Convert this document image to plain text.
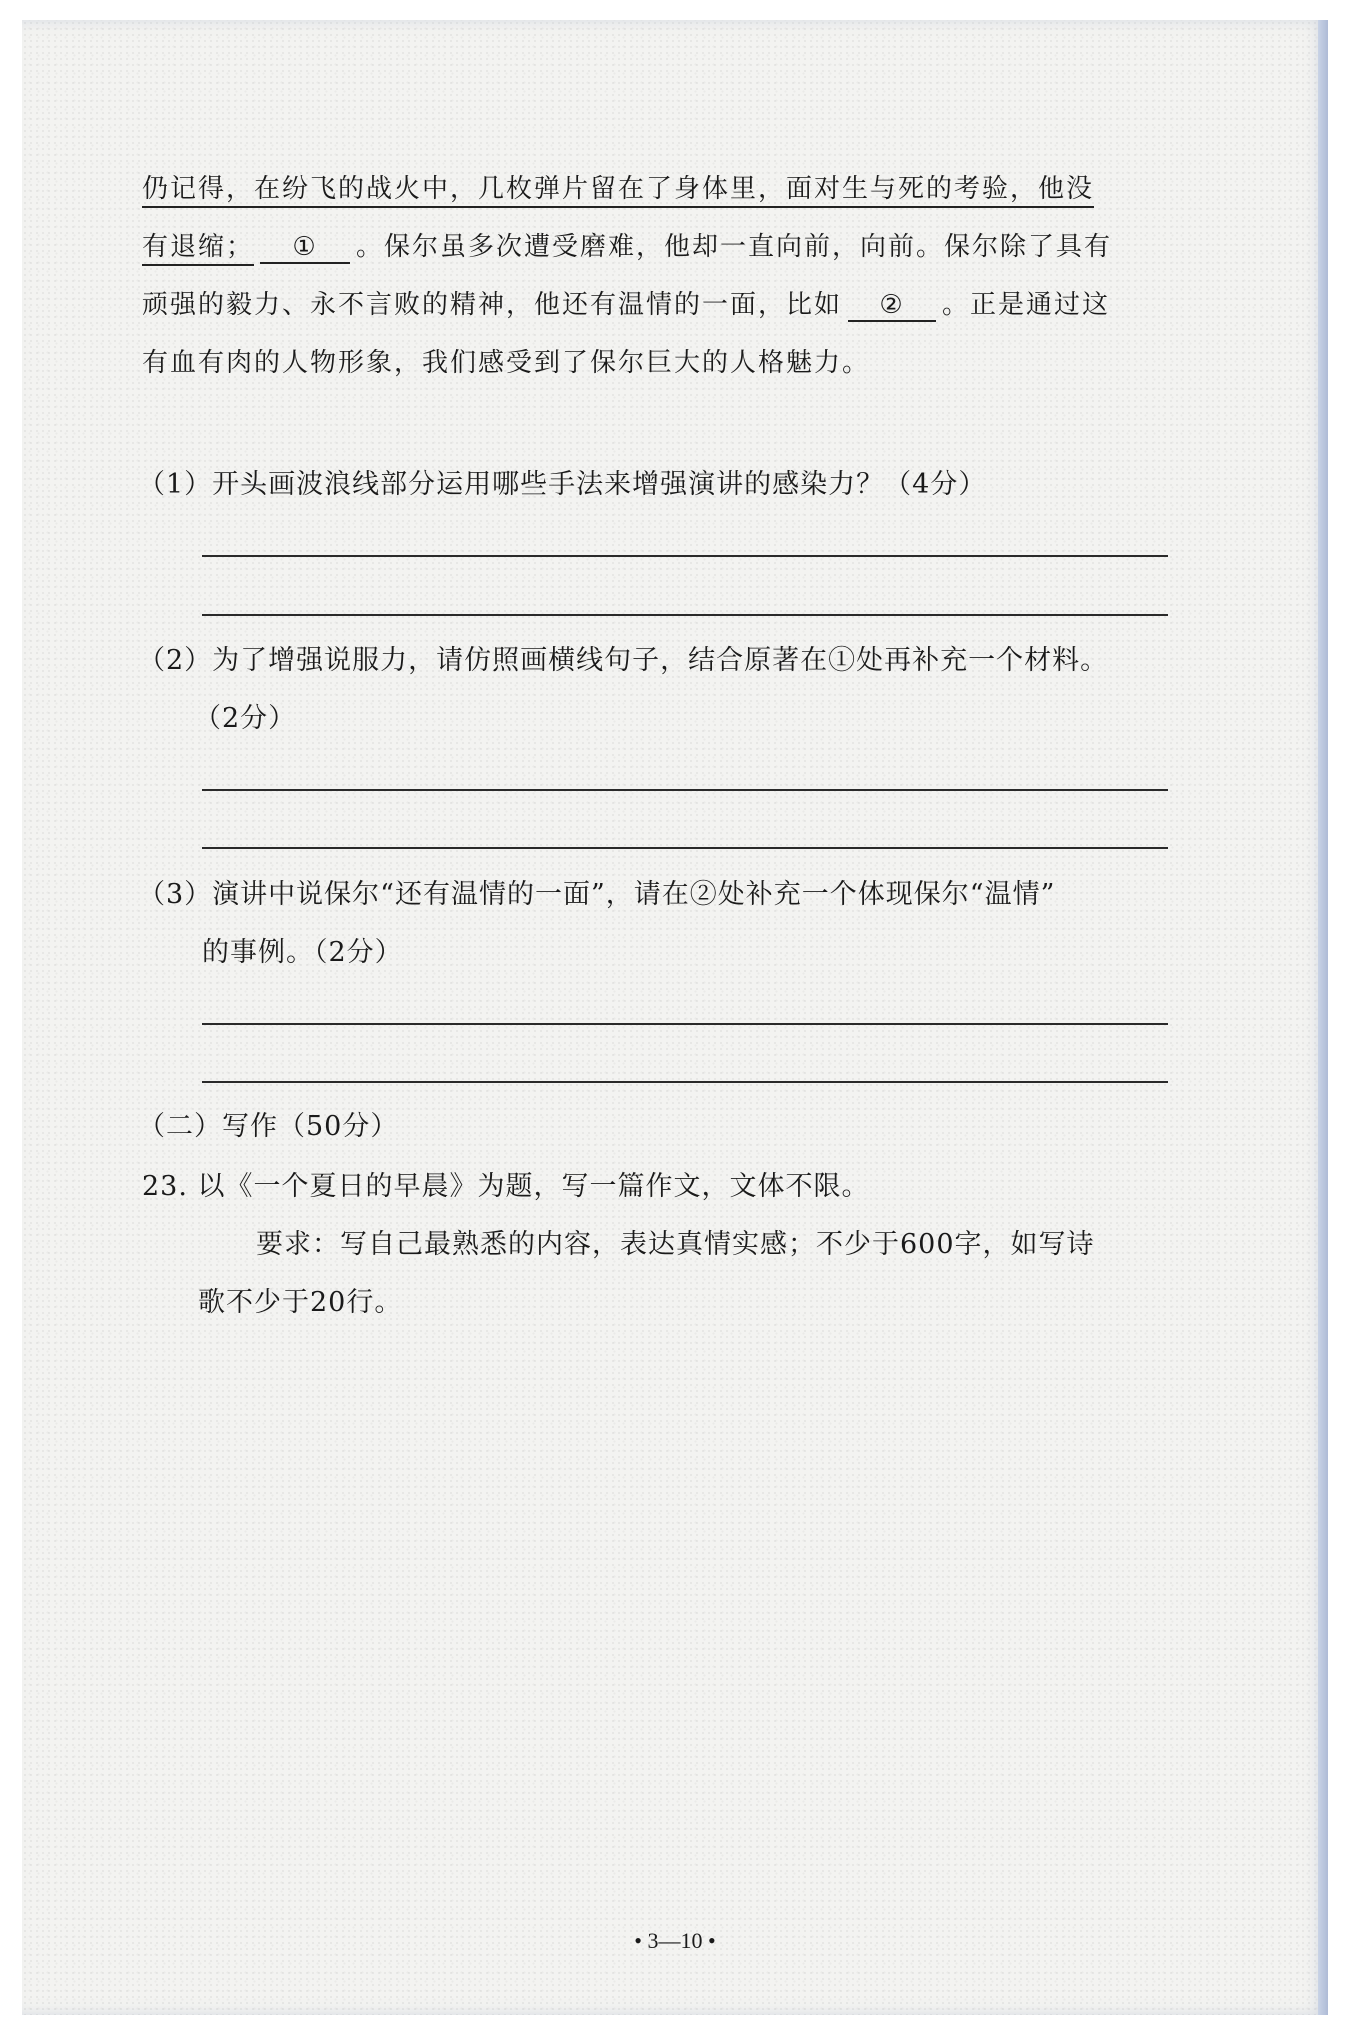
仍记得，在纷飞的战火中，几枚弹片留在了身体里，面对生与死的考验，他没
有退缩； ① 。保尔虽多次遭受磨难，他却一直向前，向前。保尔除了具有
顽强的毅力、永不言败的精神，他还有温情的一面，比如 ② 。正是通过这
有血有肉的人物形象，我们感受到了保尔巨大的人格魅力。
（1）开头画波浪线部分运用哪些手法来增强演讲的感染力？（4分）
（2）为了增强说服力，请仿照画横线句子，结合原著在①处再补充一个材料。
（2分）
（3）演讲中说保尔“还有温情的一面”，请在②处补充一个体现保尔“温情”
的事例。（2分）
（二）写作（50分）
23. 以《一个夏日的早晨》为题，写一篇作文，文体不限。
要求：写自己最熟悉的内容，表达真情实感；不少于600字，如写诗
歌不少于20行。
• 3—10 •
